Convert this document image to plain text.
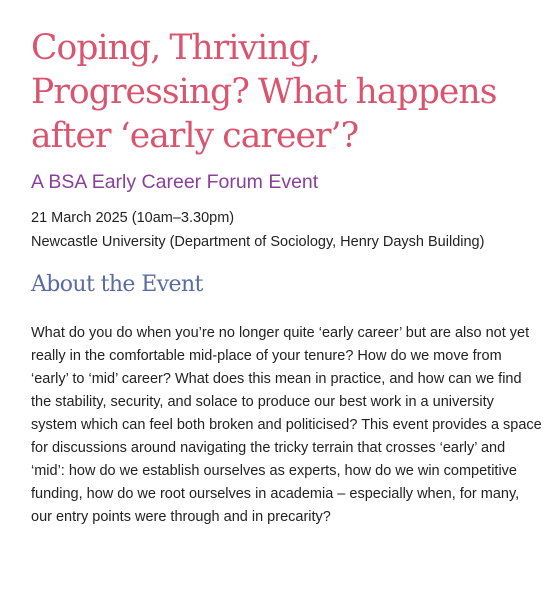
Coping, Thriving, Progressing? What happens after ‘early career’?
A BSA Early Career Forum Event
21 March 2025 (10am–3.30pm)
Newcastle University (Department of Sociology, Henry Daysh Building)
About the Event

What do you do when you’re no longer quite ‘early career’ but are also not yet really in the comfortable mid-place of your tenure? How do we move from ‘early’ to ‘mid’ career? What does this mean in practice, and how can we find the stability, security, and solace to produce our best work in a university system which can feel both broken and politicised? This event provides a space for discussions around navigating the tricky terrain that crosses ‘early’ and ‘mid’: how do we establish ourselves as experts, how do we win competitive funding, how do we root ourselves in academia – especially when, for many, our entry points were through and in precarity?
